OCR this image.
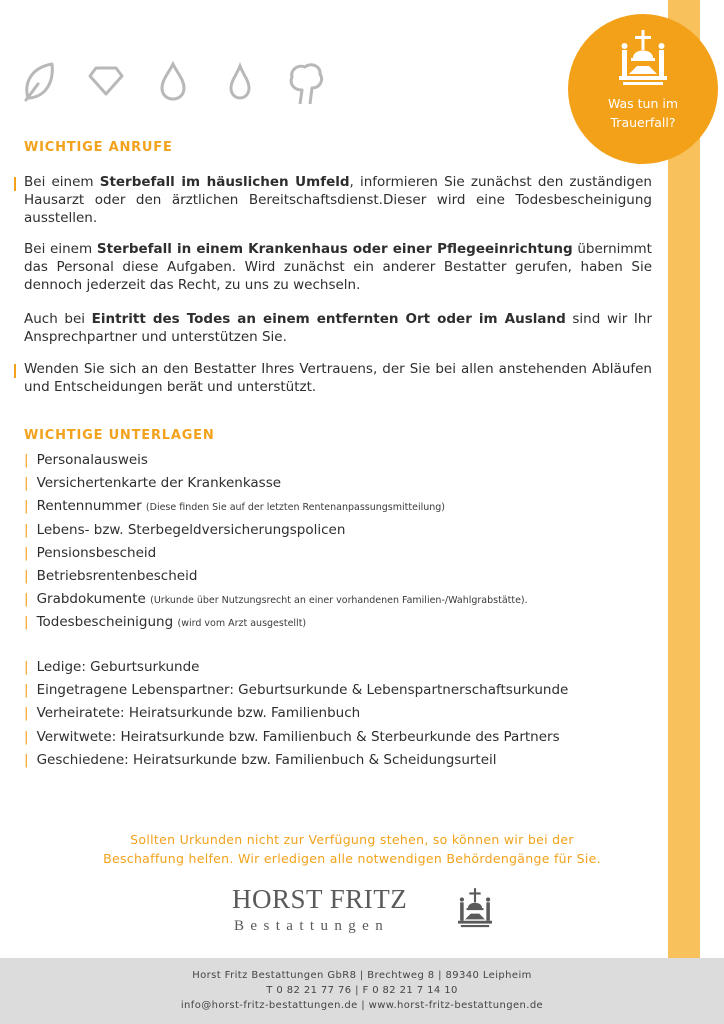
Was tun im
Trauerfall?
WICHTIGE ANRUFE

Bei einem Sterbefall im häuslichen Umfeld, informieren Sie zunächst den zuständigen Hausarzt oder den ärztlichen Bereitschaftsdienst.Dieser wird eine Todesbescheinigung ausstellen.

Bei einem Sterbefall in einem Krankenhaus oder einer Pflegeeinrichtung übernimmt das Personal diese Aufgaben. Wird zunächst ein anderer Bestatter gerufen, haben Sie dennoch jederzeit das Recht, zu uns zu wechseln.

Auch bei Eintritt des Todes an einem entfernten Ort oder im Ausland sind wir Ihr Ansprechpartner und unterstützen Sie.

Wenden Sie sich an den Bestatter Ihres Vertrauens, der Sie bei allen anstehenden Abläufen und Entscheidungen berät und unterstützt.

WICHTIGE UNTERLAGEN
| Personalausweis
| Versichertenkarte der Krankenkasse
| Rentennummer (Diese finden Sie auf der letzten Rentenanpassungsmitteilung)
| Lebens- bzw. Sterbegeldversicherungspolicen
| Pensionsbescheid
| Betriebsrentenbescheid
| Grabdokumente (Urkunde über Nutzungsrecht an einer vorhandenen Familien-/Wahlgrabstätte).
| Todesbescheinigung (wird vom Arzt ausgestellt)
| Ledige: Geburtsurkunde
| Eingetragene Lebenspartner: Geburtsurkunde & Lebenspartnerschaftsurkunde
| Verheiratete: Heiratsurkunde bzw. Familienbuch
| Verwitwete: Heiratsurkunde bzw. Familienbuch & Sterbeurkunde des Partners
| Geschiedene: Heiratsurkunde bzw. Familienbuch & Scheidungsurteil
Sollten Urkunden nicht zur Verfügung stehen, so können wir bei der
Beschaffung helfen. Wir erledigen alle notwendigen Behördengänge für Sie.
HORST FRITZ
Bestattungen
Horst Fritz Bestattungen GbR8 | Brechtweg 8 | 89340 Leipheim
T 0 82 21 77 76 | F 0 82 21 7 14 10
info@horst-fritz-bestattungen.de | www.horst-fritz-bestattungen.de
